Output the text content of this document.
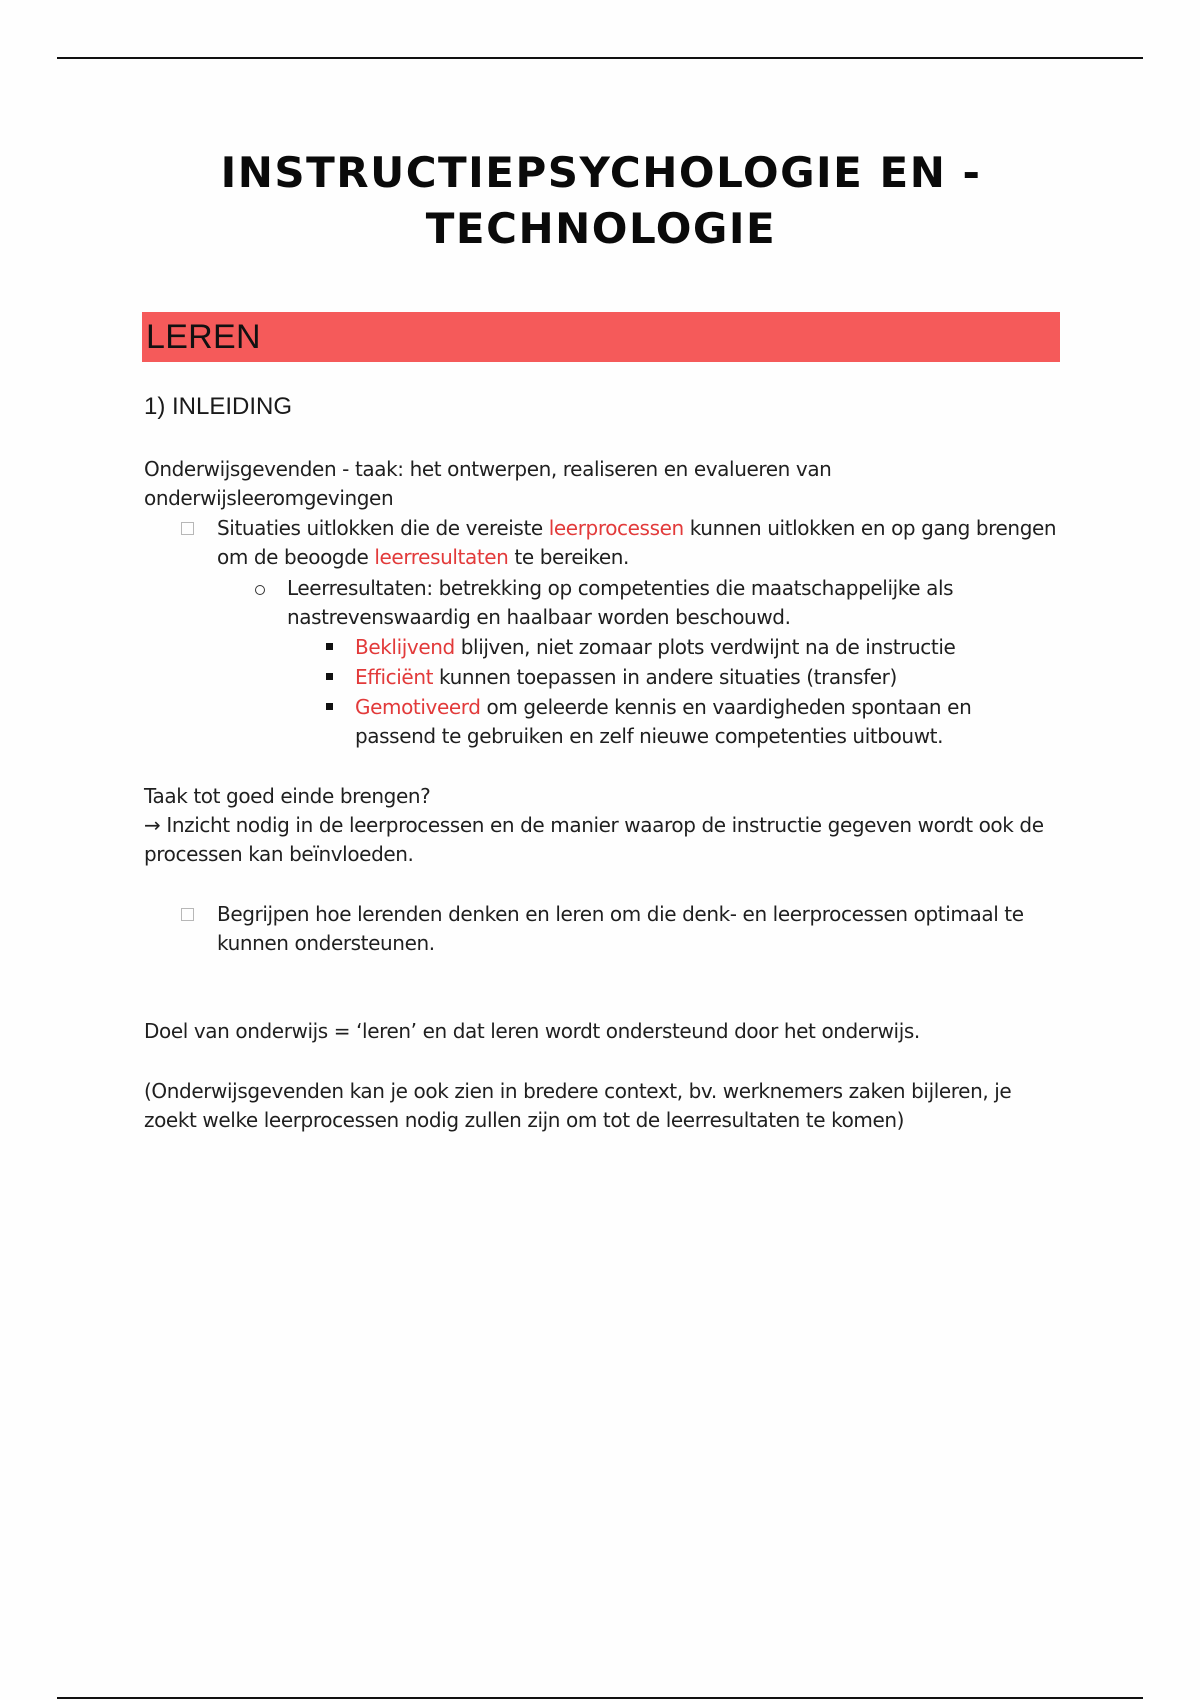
INSTRUCTIEPSYCHOLOGIE EN -
TECHNOLOGIE
LEREN
1) INLEIDING
Onderwijsgevenden - taak: het ontwerpen, realiseren en evalueren van
onderwijsleeromgevingen
Situaties uitlokken die de vereiste leerprocessen kunnen uitlokken en op gang brengen om de beoogde leerresultaten te bereiken.
Leerresultaten: betrekking op competenties die maatschappelijke als nastrevenswaardig en haalbaar worden beschouwd.
Beklijvend blijven, niet zomaar plots verdwijnt na de instructie
Efficiënt kunnen toepassen in andere situaties (transfer)
Gemotiveerd om geleerde kennis en vaardigheden spontaan en passend te gebruiken en zelf nieuwe competenties uitbouwt.
Taak tot goed einde brengen?
→ Inzicht nodig in de leerprocessen en de manier waarop de instructie gegeven wordt ook de processen kan beïnvloeden.
Begrijpen hoe lerenden denken en leren om die denk- en leerprocessen optimaal te kunnen ondersteunen.
Doel van onderwijs = ‘leren’ en dat leren wordt ondersteund door het onderwijs.
(Onderwijsgevenden kan je ook zien in bredere context, bv. werknemers zaken bijleren, je zoekt welke leerprocessen nodig zullen zijn om tot de leerresultaten te komen)
